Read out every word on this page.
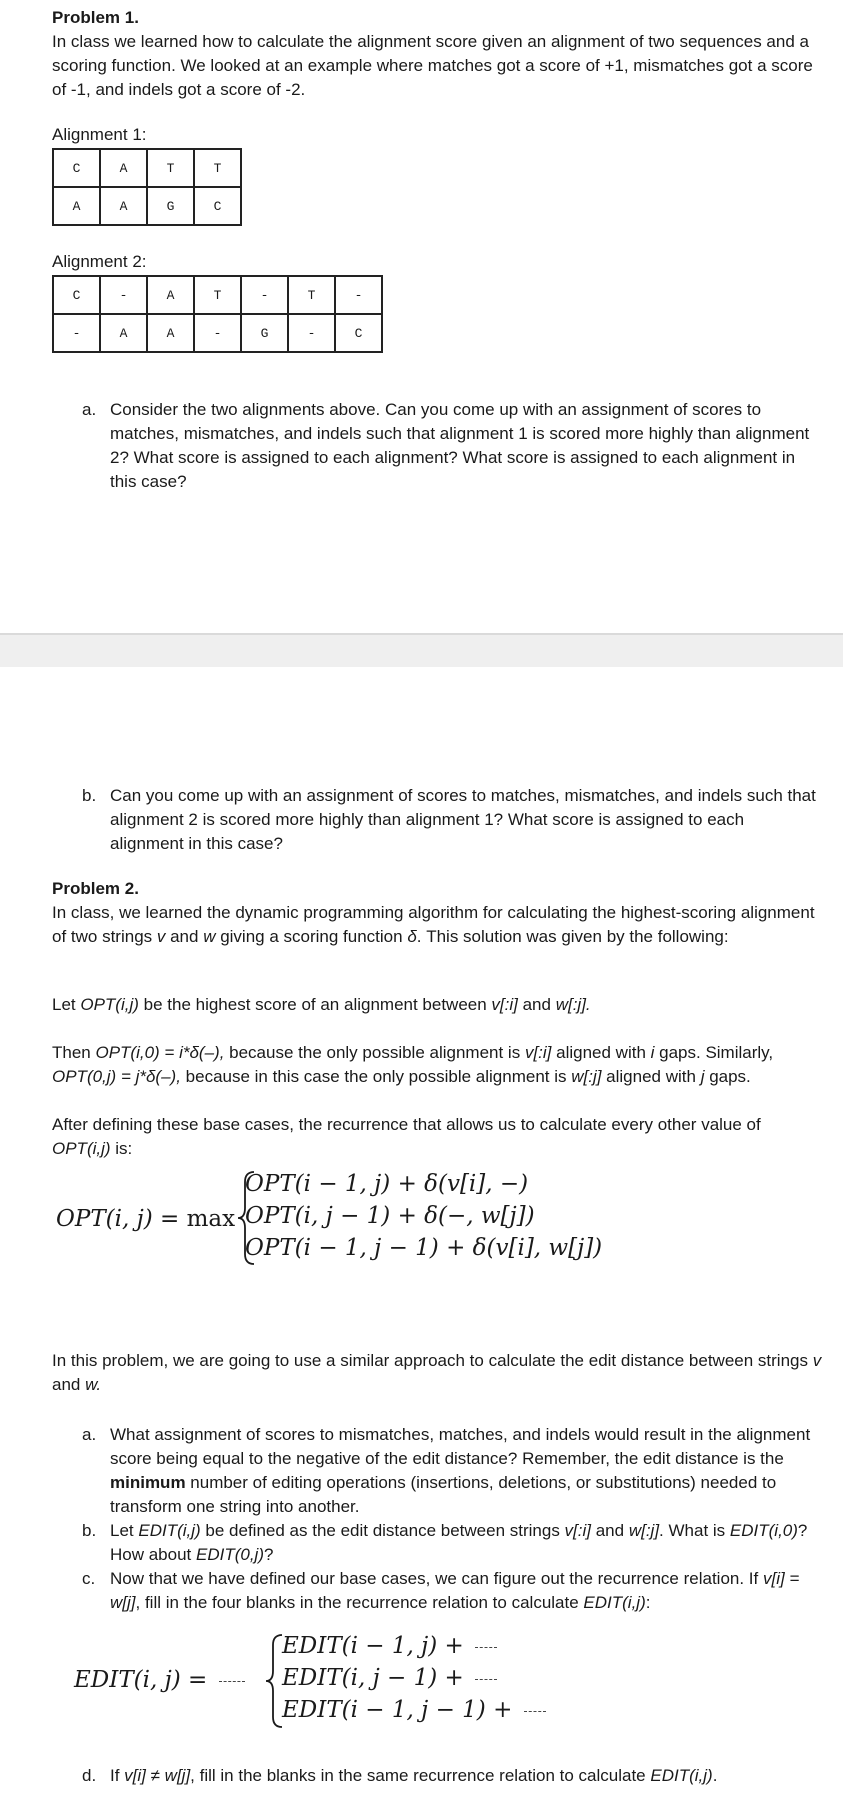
Problem 1.

In class we learned how to calculate the alignment score given an alignment of two sequences and a scoring function. We looked at an example where matches got a score of +1, mismatches got a score of -1, and indels got a score of -2.

Alignment 1:

C	A	T	T
A	A	G	C

Alignment 2:

C	-	A	T	-	T	-
-	A	A	-	G	-	C
a. Consider the two alignments above. Can you come up with an assignment of scores to matches, mismatches, and indels such that alignment 1 is scored more highly than alignment 2? What score is assigned to each alignment? What score is assigned to each alignment in this case?
b. Can you come up with an assignment of scores to matches, mismatches, and indels such that alignment 2 is scored more highly than alignment 1? What score is assigned to each alignment in this case?

Problem 2.

In class, we learned the dynamic programming algorithm for calculating the highest-scoring alignment of two strings v and w giving a scoring function δ. This solution was given by the following:

Let OPT(i,j) be the highest score of an alignment between v[:i] and w[:j].

Then OPT(i,0) = i*δ(–), because the only possible alignment is v[:i] aligned with i gaps. Similarly, OPT(0,j) = j*δ(–), because in this case the only possible alignment is w[:j] aligned with j gaps.

After defining these base cases, the recurrence that allows us to calculate every other value of OPT(i,j) is:

OPT(i, j) = max
OPT(i − 1, j) + δ(v[i], −)
OPT(i, j − 1) + δ(−, w[j])
OPT(i − 1, j − 1) + δ(v[i], w[j])

In this problem, we are going to use a similar approach to calculate the edit distance between strings v and w.

a. What assignment of scores to mismatches, matches, and indels would result in the alignment score being equal to the negative of the edit distance? Remember, the edit distance is the minimum number of editing operations (insertions, deletions, or substitutions) needed to transform one string into another.
b. Let EDIT(i,j) be defined as the edit distance between strings v[:i] and w[:j]. What is EDIT(i,0)? How about EDIT(0,j)?
c. Now that we have defined our base cases, we can figure out the recurrence relation. If v[i] = w[j], fill in the four blanks in the recurrence relation to calculate EDIT(i,j):
EDIT(i, j) =
EDIT(i − 1, j) +
EDIT(i, j − 1) +
EDIT(i − 1, j − 1) +
d. If v[i] ≠ w[j], fill in the blanks in the same recurrence relation to calculate EDIT(i,j).
